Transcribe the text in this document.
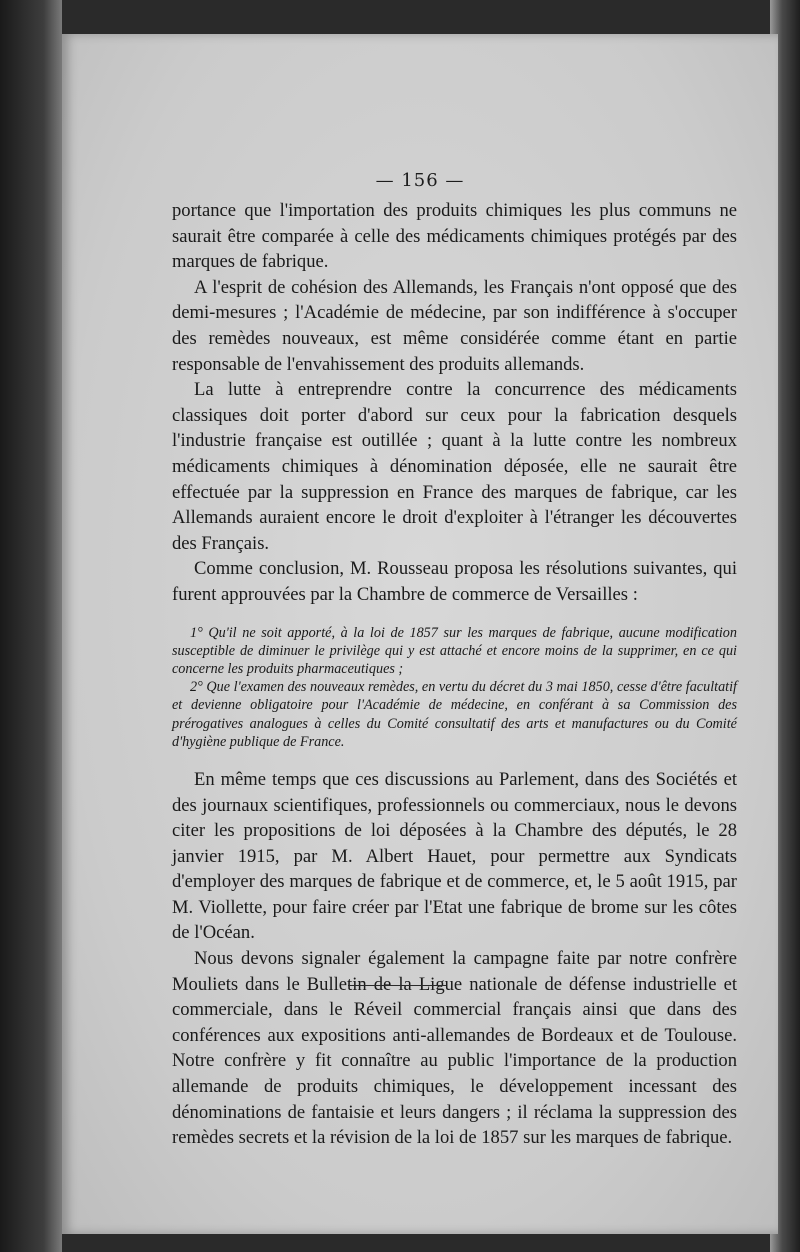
— 156 —

portance que l'importation des produits chimiques les plus communs ne saurait être comparée à celle des médicaments chimiques protégés par des marques de fabrique.

A l'esprit de cohésion des Allemands, les Français n'ont opposé que des demi-mesures ; l'Académie de médecine, par son indifférence à s'occuper des remèdes nouveaux, est même considérée comme étant en partie responsable de l'envahissement des produits allemands.

La lutte à entreprendre contre la concurrence des médicaments classiques doit porter d'abord sur ceux pour la fabrication desquels l'industrie française est outillée ; quant à la lutte contre les nombreux médicaments chimiques à dénomination déposée, elle ne saurait être effectuée par la suppression en France des marques de fabrique, car les Allemands auraient encore le droit d'exploiter à l'étranger les découvertes des Français.

Comme conclusion, M. Rousseau proposa les résolutions suivantes, qui furent approuvées par la Chambre de commerce de Versailles :

1° Qu'il ne soit apporté, à la loi de 1857 sur les marques de fabrique, aucune modification susceptible de diminuer le privilège qui y est attaché et encore moins de la supprimer, en ce qui concerne les produits pharmaceutiques ;

2° Que l'examen des nouveaux remèdes, en vertu du décret du 3 mai 1850, cesse d'être facultatif et devienne obligatoire pour l'Académie de médecine, en conférant à sa Commission des prérogatives analogues à celles du Comité consultatif des arts et manufactures ou du Comité d'hygiène publique de France.

En même temps que ces discussions au Parlement, dans des Sociétés et des journaux scientifiques, professionnels ou commerciaux, nous le devons citer les propositions de loi déposées à la Chambre des députés, le 28 janvier 1915, par M. Albert Hauet, pour permettre aux Syndicats d'employer des marques de fabrique et de commerce, et, le 5 août 1915, par M. Viollette, pour faire créer par l'Etat une fabrique de brome sur les côtes de l'Océan.

Nous devons signaler également la campagne faite par notre confrère Mouliets dans le Bulletin de la Ligue nationale de défense industrielle et commerciale, dans le Réveil commercial français ainsi que dans des conférences aux expositions anti-allemandes de Bordeaux et de Toulouse. Notre confrère y fit connaître au public l'importance de la production allemande de produits chimiques, le développement incessant des dénominations de fantaisie et leurs dangers ; il réclama la suppression des remèdes secrets et la révision de la loi de 1857 sur les marques de fabrique.
